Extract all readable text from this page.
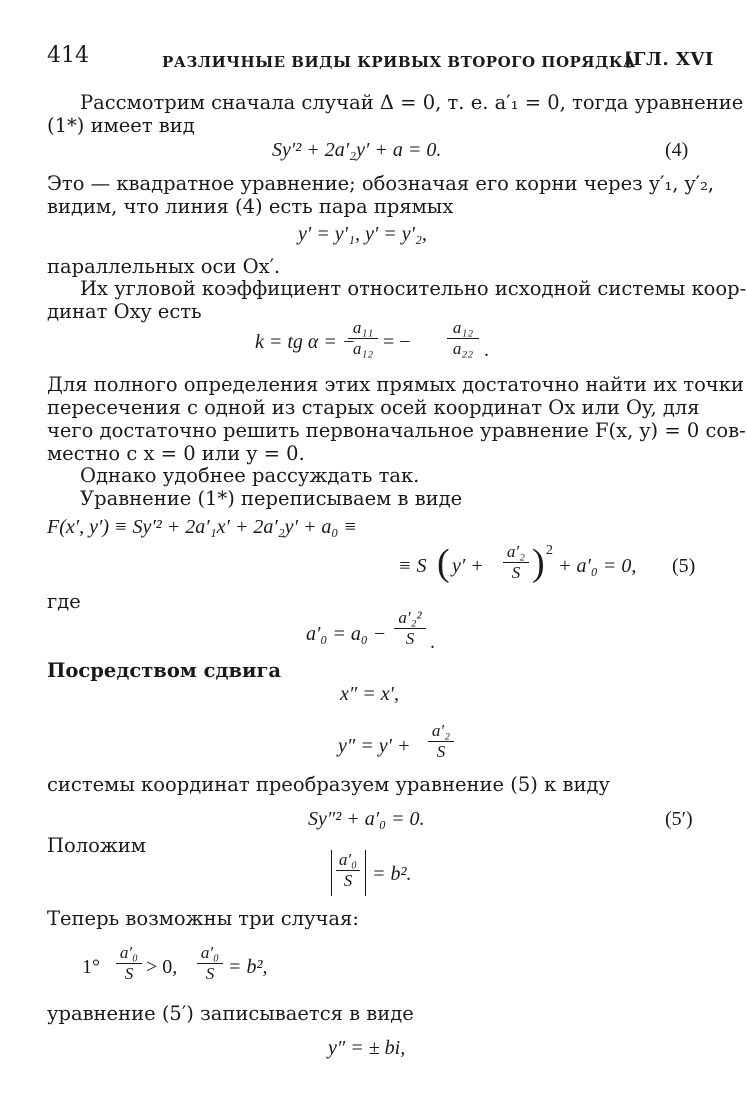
414	РАЗЛИЧНЫЕ ВИДЫ КРИВЫХ ВТОРОГО ПОРЯДКА
[ГЛ. XVI
Рассмотрим сначала случай Δ = 0, т. е. a′₁ = 0, тогда уравнение
(1*) имеет вид
Sy′² + 2a′₂y′ + a = 0.	(4)
Это — квадратное уравнение; обозначая его корни через y′₁, y′₂,
видим, что линия (4) есть пара прямых
y′ = y′₁, y′ = y′₂,
параллельных оси Ox′.
Их угловой коэффициент относительно исходной системы коор-
динат Oxy есть
k = tg α = −
a₁₁
a₁₂ = −
a₁₂
a₂₂ .
Для полного определения этих прямых достаточно найти их точки
пересечения с одной из старых осей координат Ox или Oy, для
чего достаточно решить первоначальное уравнение F(x, y) = 0 сов-
местно с x = 0 или y = 0.
Однако удобнее рассуждать так.
Уравнение (1*) переписываем в виде
F(x′, y′) ≡ Sy′² + 2a′₁x′ + 2a′₂y′ + a₀ ≡
≡ S ( y′ +
a′₂
S ) 2
+ a′₀ = 0, (5)
где
a′₀ = a₀ −
a′₂²
S .
Посредством сдвига
x″ = x′,
y″ = y′ +
a′₂
S
системы координат преобразуем уравнение (5) к виду
Sy″² + a′₀ = 0.	(5′)
Положим
a′₀
S = b².
Теперь возможны три случая:
1°
a′₀
S > 0,
a′₀
S = b²,
уравнение (5′) записывается в виде
y″ = ± bi,
